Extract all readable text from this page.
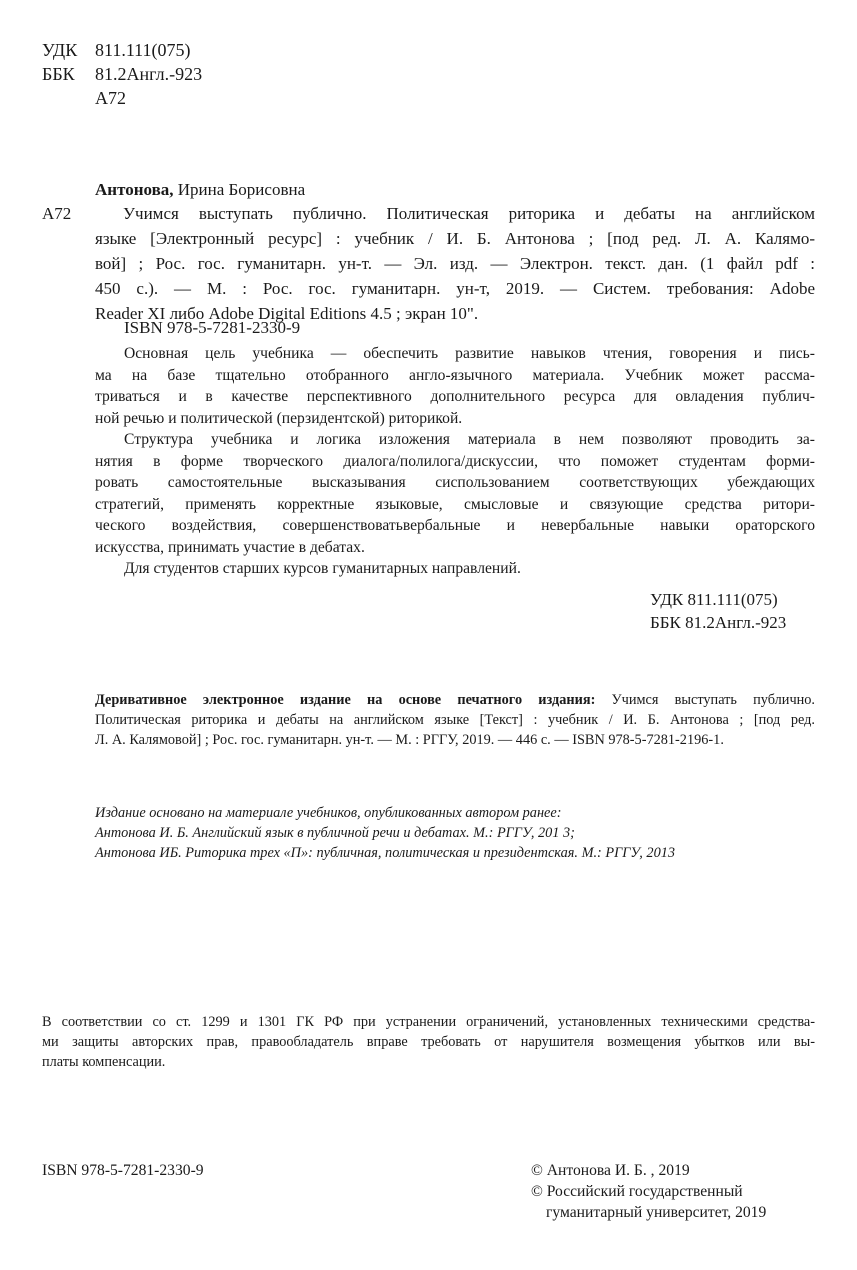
УДК 811.111(075)
ББК 81.2Англ.-923
А72
Антонова, Ирина Борисовна
А72	Учимся выступать публично. Политическая риторика и дебаты на английском
языке [Электронный ресурс] : учебник / И. Б. Антонова ; [под ред. Л. А. Калямо-
вой] ; Рос. гос. гуманитарн. ун-т. — Эл. изд. — Электрон. текст. дан. (1 файл pdf :
450 с.). — М. : Рос. гос. гуманитарн. ун-т, 2019. — Систем. требования: Adobe
Reader XI либо Adobe Digital Editions 4.5 ; экран 10".
ISBN 978-5-7281-2330-9
Основная цель учебника — обеспечить развитие навыков чтения, говорения и пись-
ма на базе тщательно отобранного англо-язычного материала. Учебник может рассма-
триваться и в качестве перспективного дополнительного ресурса для овладения публич-
ной речью и политической (перзидентской) риторикой.
Структура учебника и логика изложения материала в нем позволяют проводить за-
нятия в форме творческого диалога/полилога/дискуссии, что поможет студентам форми-
ровать самостоятельные высказывания сиспользованием соответствующих убеждающих
стратегий, применять корректные языковые, смысловые и связующие средства ритори-
ческого воздействия, совершенствоватьвербальные и невербальные навыки ораторского
искусства, принимать участие в дебатах.
Для студентов старших курсов гуманитарных направлений.
УДК 811.111(075)
ББК 81.2Англ.-923
Деривативное электронное издание на основе печатного издания: Учимся выступать публично.
Политическая риторика и дебаты на английском языке [Текст] : учебник / И. Б. Антонова ; [под ред.
Л. А. Калямовой] ; Рос. гос. гуманитарн. ун-т. — М. : РГГУ, 2019. — 446 с. — ISBN 978-5-7281-2196-1.
Издание основано на материале учебников, опубликованных автором ранее:
Антонова И. Б. Английский язык в публичной речи и дебатах. М.: РГГУ, 201 3;
Антонова ИБ. Риторика трех «П»: публичная, политическая и президентская. М.: РГГУ, 2013
В соответствии со ст. 1299 и 1301 ГК РФ при устранении ограничений, установленных техническими средства-
ми защиты авторских прав, правообладатель вправе требовать от нарушителя возмещения убытков или вы-
платы компенсации.
ISBN 978-5-7281-2330-9	© Антонова И. Б. , 2019
© Российский государственный
гуманитарный университет, 2019
